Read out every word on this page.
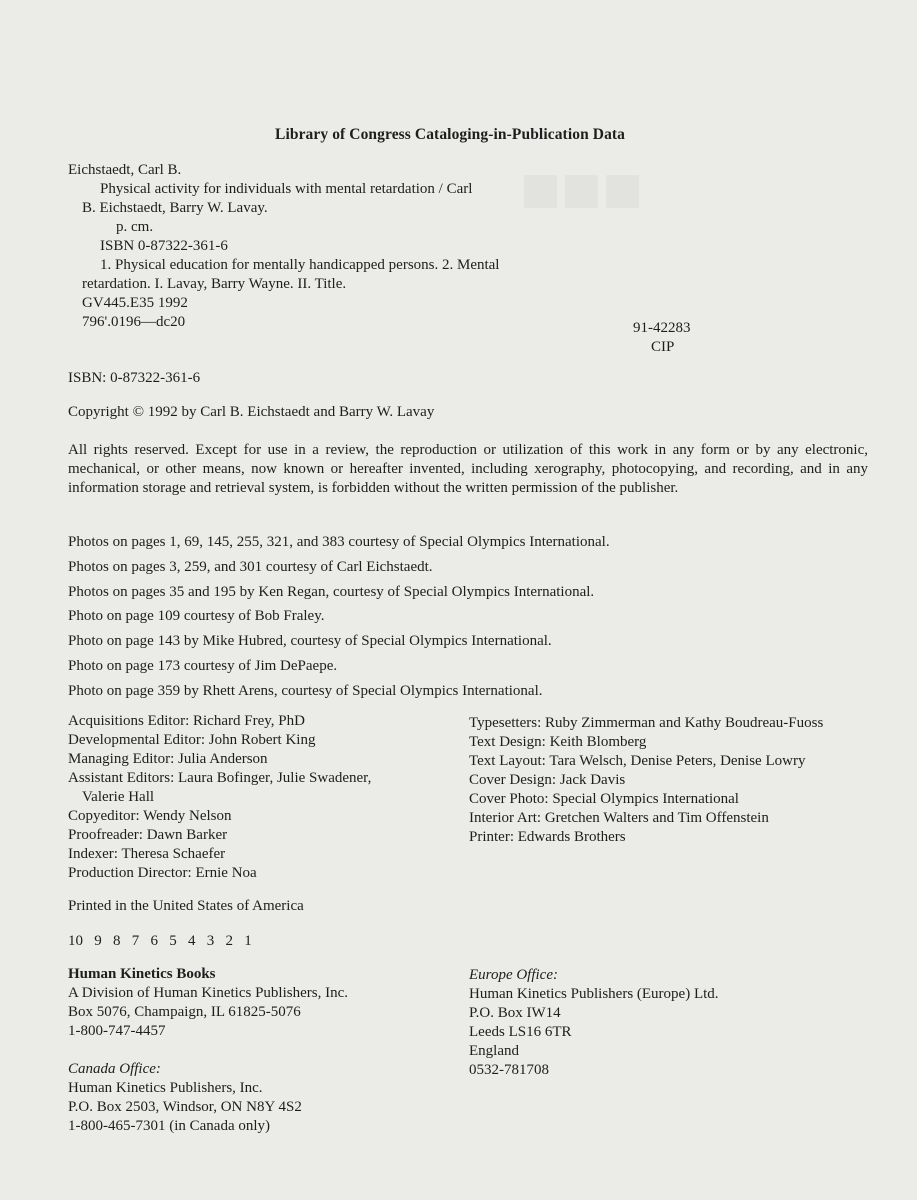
■■■
Library of Congress Cataloging-in-Publication Data
Eichstaedt, Carl B.
Physical activity for individuals with mental retardation / Carl
B. Eichstaedt, Barry W. Lavay.
p. cm.
ISBN 0-87322-361-6
1. Physical education for mentally handicapped persons. 2. Mental
retardation. I. Lavay, Barry Wayne. II. Title.
GV445.E35 1992
796'.0196—dc20	91-42283
CIP
ISBN: 0-87322-361-6
Copyright © 1992 by Carl B. Eichstaedt and Barry W. Lavay
All rights reserved. Except for use in a review, the reproduction or utilization of this work in any form or by any electronic, mechanical, or other means, now known or hereafter invented, including xerography, photocopying, and recording, and in any information storage and retrieval system, is forbidden without the written permission of the publisher.
Photos on pages 1, 69, 145, 255, 321, and 383 courtesy of Special Olympics International.
Photos on pages 3, 259, and 301 courtesy of Carl Eichstaedt.
Photos on pages 35 and 195 by Ken Regan, courtesy of Special Olympics International.
Photo on page 109 courtesy of Bob Fraley.
Photo on page 143 by Mike Hubred, courtesy of Special Olympics International.
Photo on page 173 courtesy of Jim DePaepe.
Photo on page 359 by Rhett Arens, courtesy of Special Olympics International.
Acquisitions Editor: Richard Frey, PhD
Developmental Editor: John Robert King
Managing Editor: Julia Anderson
Assistant Editors: Laura Bofinger, Julie Swadener,
Valerie Hall
Copyeditor: Wendy Nelson
Proofreader: Dawn Barker
Indexer: Theresa Schaefer
Production Director: Ernie Noa
Typesetters: Ruby Zimmerman and Kathy Boudreau-Fuoss
Text Design: Keith Blomberg
Text Layout: Tara Welsch, Denise Peters, Denise Lowry
Cover Design: Jack Davis
Cover Photo: Special Olympics International
Interior Art: Gretchen Walters and Tim Offenstein
Printer: Edwards Brothers
Printed in the United States of America
10   9   8   7   6   5   4   3   2   1
Human Kinetics Books
A Division of Human Kinetics Publishers, Inc.
Box 5076, Champaign, IL 61825-5076
1-800-747-4457
Canada Office:
Human Kinetics Publishers, Inc.
P.O. Box 2503, Windsor, ON N8Y 4S2
1-800-465-7301 (in Canada only)
Europe Office:
Human Kinetics Publishers (Europe) Ltd.
P.O. Box IW14
Leeds LS16 6TR
England
0532-781708
